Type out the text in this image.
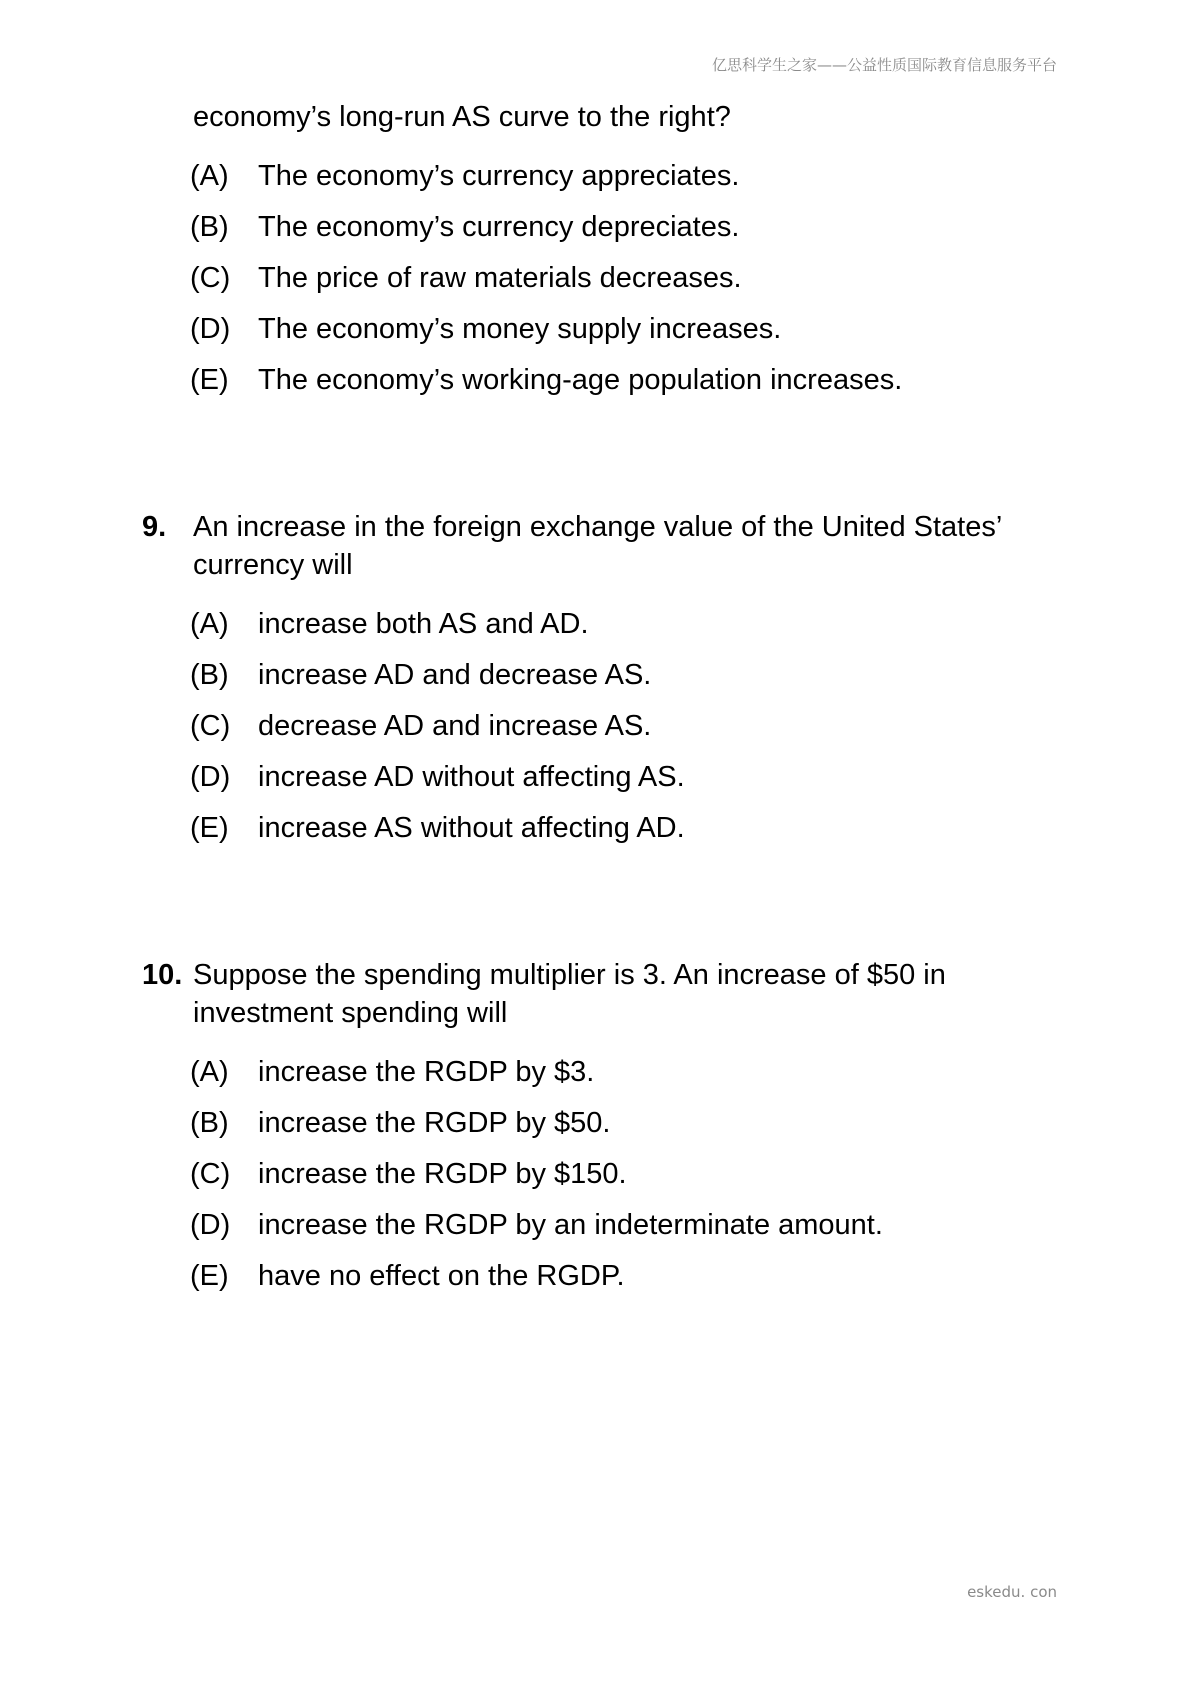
亿思科学生之家——公益性质国际教育信息服务平台
economy’s long-run AS curve to the right?
(A) The economy’s currency appreciates.
(B) The economy’s currency depreciates.
(C) The price of raw materials decreases.
(D) The economy’s money supply increases.
(E) The economy’s working-age population increases.
9. An increase in the foreign exchange value of the United States’ currency will
(A) increase both AS and AD.
(B) increase AD and decrease AS.
(C) decrease AD and increase AS.
(D) increase AD without affecting AS.
(E) increase AS without affecting AD.
10. Suppose the spending multiplier is 3. An increase of $50 in investment spending will
(A) increase the RGDP by $3.
(B) increase the RGDP by $50.
(C) increase the RGDP by $150.
(D) increase the RGDP by an indeterminate amount.
(E) have no effect on the RGDP.
eskedu. con
